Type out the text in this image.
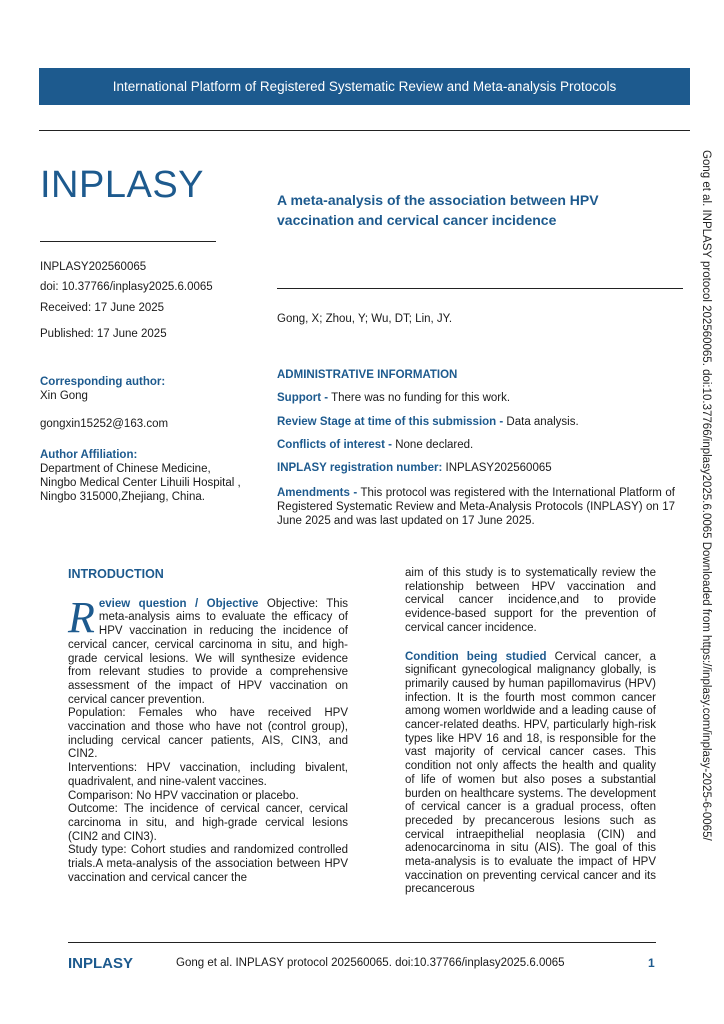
International Platform of Registered Systematic Review and Meta-analysis Protocols
INPLASY
INPLASY202560065
doi: 10.37766/inplasy2025.6.0065
Received: 17 June 2025
Published: 17 June 2025
A meta-analysis of the association between HPV vaccination and cervical cancer incidence
Gong, X; Zhou, Y; Wu, DT; Lin, JY.
Corresponding author:
Xin Gong
gongxin15252@163.com
Author Affiliation:
Department of Chinese Medicine, Ningbo Medical Center Lihuili Hospital , Ningbo 315000,Zhejiang, China.
ADMINISTRATIVE INFORMATION
Support - There was no funding for this work.
Review Stage at time of this submission - Data analysis.
Conflicts of interest - None declared.
INPLASY registration number: INPLASY202560065
Amendments - This protocol was registered with the International Platform of Registered Systematic Review and Meta-Analysis Protocols (INPLASY) on 17 June 2025 and was last updated on 17 June 2025.
INTRODUCTION

Review question / Objective Objective: This meta-analysis aims to evaluate the efficacy of HPV vaccination in reducing the incidence of cervical cancer, cervical carcinoma in situ, and high-grade cervical lesions. We will synthesize evidence from relevant studies to provide a comprehensive assessment of the impact of HPV vaccination on cervical cancer prevention.

Population: Females who have received HPV vaccination and those who have not (control group), including cervical cancer patients, AIS, CIN3, and CIN2.

Interventions: HPV vaccination, including bivalent, quadrivalent, and nine-valent vaccines.

Comparison: No HPV vaccination or placebo.

Outcome: The incidence of cervical cancer, cervical carcinoma in situ, and high-grade cervical lesions (CIN2 and CIN3).

Study type: Cohort studies and randomized controlled trials.A meta-analysis of the association between HPV vaccination and cervical cancer the

aim of this study is to systematically review the relationship between HPV vaccination and cervical cancer incidence,and to provide evidence-based support for the prevention of cervical cancer incidence.

Condition being studied Cervical cancer, a significant gynecological malignancy globally, is primarily caused by human papillomavirus (HPV) infection. It is the fourth most common cancer among women worldwide and a leading cause of cancer-related deaths. HPV, particularly high-risk types like HPV 16 and 18, is responsible for the vast majority of cervical cancer cases. This condition not only affects the health and quality of life of women but also poses a substantial burden on healthcare systems. The development of cervical cancer is a gradual process, often preceded by precancerous lesions such as cervical intraepithelial neoplasia (CIN) and adenocarcinoma in situ (AIS). The goal of this meta-analysis is to evaluate the impact of HPV vaccination on preventing cervical cancer and its precancerous

Gong et al. INPLASY protocol 202560065. doi:10.37766/inplasy2025.6.0065 Downloaded from https://inplasy.com/inplasy-2025-6-0065/
INPLASY	Gong et al. INPLASY protocol 202560065. doi:10.37766/inplasy2025.6.0065	1
